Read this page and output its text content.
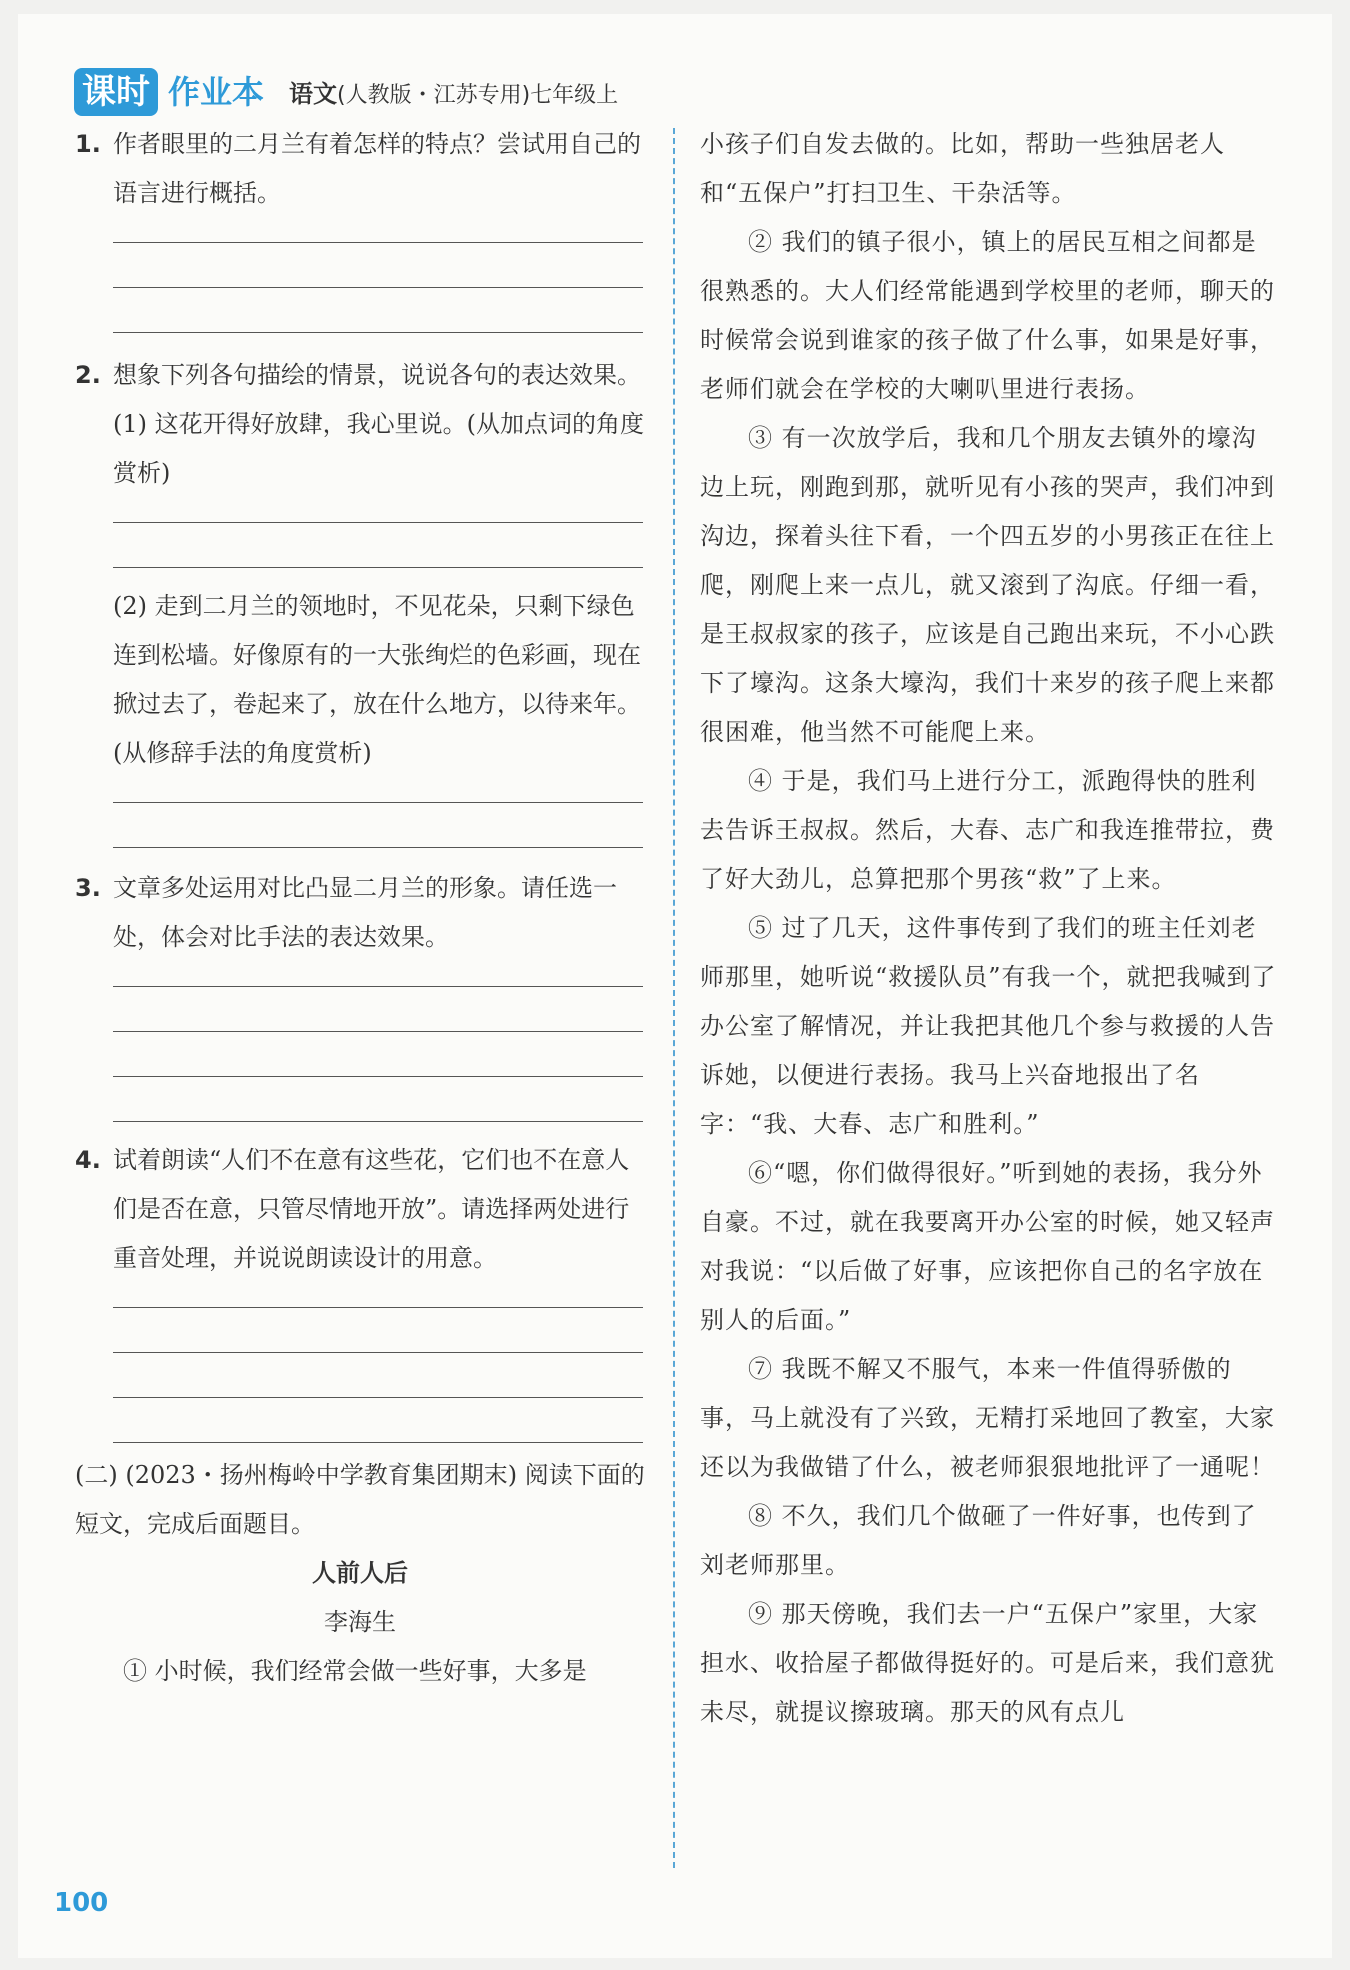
课时 作业本 语文(人教版・江苏专用)七年级上
1. 作者眼里的二月兰有着怎样的特点？尝试用自己的语言进行概括。
2. 想象下列各句描绘的情景，说说各句的表达效果。
(1) 这花开得好放肆，我心里说。(从加点词的角度赏析)
(2) 走到二月兰的领地时，不见花朵，只剩下绿色连到松墙。好像原有的一大张绚烂的色彩画，现在掀过去了，卷起来了，放在什么地方，以待来年。(从修辞手法的角度赏析)
3. 文章多处运用对比凸显二月兰的形象。请任选一处，体会对比手法的表达效果。
4. 试着朗读“人们不在意有这些花，它们也不在意人们是否在意，只管尽情地开放”。请选择两处进行重音处理，并说说朗读设计的用意。

(二) (2023・扬州梅岭中学教育集团期末) 阅读下面的短文，完成后面题目。

人前人后

李海生

① 小时候，我们经常会做一些好事，大多是

小孩子们自发去做的。比如，帮助一些独居老人和“五保户”打扫卫生、干杂活等。

② 我们的镇子很小，镇上的居民互相之间都是很熟悉的。大人们经常能遇到学校里的老师，聊天的时候常会说到谁家的孩子做了什么事，如果是好事，老师们就会在学校的大喇叭里进行表扬。

③ 有一次放学后，我和几个朋友去镇外的壕沟边上玩，刚跑到那，就听见有小孩的哭声，我们冲到沟边，探着头往下看，一个四五岁的小男孩正在往上爬，刚爬上来一点儿，就又滚到了沟底。仔细一看，是王叔叔家的孩子，应该是自己跑出来玩，不小心跌下了壕沟。这条大壕沟，我们十来岁的孩子爬上来都很困难，他当然不可能爬上来。

④ 于是，我们马上进行分工，派跑得快的胜利去告诉王叔叔。然后，大春、志广和我连推带拉，费了好大劲儿，总算把那个男孩“救”了上来。

⑤ 过了几天，这件事传到了我们的班主任刘老师那里，她听说“救援队员”有我一个，就把我喊到了办公室了解情况，并让我把其他几个参与救援的人告诉她，以便进行表扬。我马上兴奋地报出了名字：“我、大春、志广和胜利。”

⑥“嗯，你们做得很好。”听到她的表扬，我分外自豪。不过，就在我要离开办公室的时候，她又轻声对我说：“以后做了好事，应该把你自己的名字放在别人的后面。”

⑦ 我既不解又不服气，本来一件值得骄傲的事，马上就没有了兴致，无精打采地回了教室，大家还以为我做错了什么，被老师狠狠地批评了一通呢！

⑧ 不久，我们几个做砸了一件好事，也传到了刘老师那里。

⑨ 那天傍晚，我们去一户“五保户”家里，大家担水、收拾屋子都做得挺好的。可是后来，我们意犹未尽，就提议擦玻璃。那天的风有点儿

100
